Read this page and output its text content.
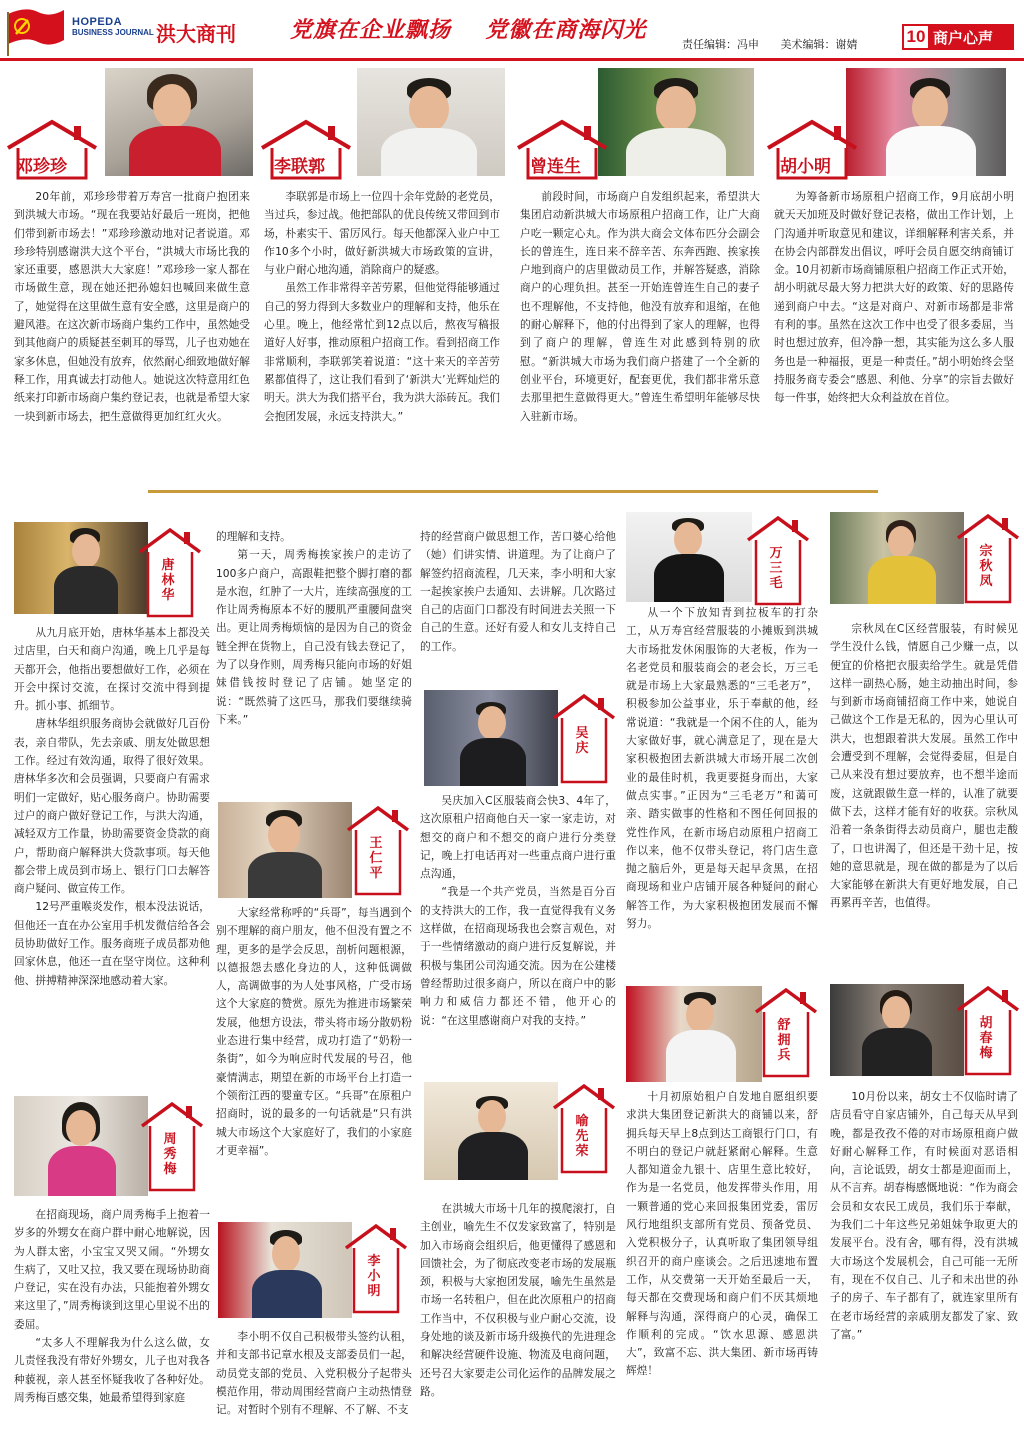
HOPEDA
BUSINESS JOURNAL 洪大商刊 党旗在企业飘扬 党徽在商海闪光
责任编辑：冯申 美术编辑：谢婧	10 商户心声
邓珍珍	李联郭	曾连生	胡小明

20年前，邓珍珍带着万寿宫一批商户抱团来到洪城大市场。“现在我要站好最后一班岗，把他们带到新市场去！”邓珍珍激动地对记者说道。邓珍珍特别感谢洪大这个平台，“洪城大市场比我的家还重要，感恩洪大大家庭！”邓珍珍一家人都在市场做生意，现在她还把孙媳妇也喊回来做生意了，她觉得在这里做生意有安全感，这里是商户的避风港。在这次新市场商户集约工作中，虽然她受到其他商户的质疑甚至刺耳的辱骂，儿子也劝她在家多休息，但她没有放弃，依然耐心细致地做好解释工作，用真诚去打动他人。她说这次特意用红色纸来打印新市场商户集约登记表，也就是希望大家一块到新市场去，把生意做得更加红红火火。

李联郭是市场上一位四十余年党龄的老党员，当过兵，参过战。他把部队的优良传统又带回到市场，朴素实干、雷厉风行。每天他都深入业户中工作10多个小时，做好新洪城大市场政策的宣讲，与业户耐心地沟通，消除商户的疑惑。

虽然工作非常得辛苦劳累，但他觉得能够通过自己的努力得到大多数业户的理解和支持，他乐在心里。晚上，他经常忙到12点以后，熬夜写稿报道好人好事，推动原租户招商工作。看到招商工作非常顺利，李联郭笑着说道：“这十来天的辛苦劳累都值得了，这让我们看到了‘新洪大’光辉灿烂的明天。洪大为我们搭平台，我为洪大添砖瓦。我们会抱团发展，永远支持洪大。”

前段时间，市场商户自发组织起来，希望洪大集团启动新洪城大市场原租户招商工作，让广大商户吃一颗定心丸。作为洪大商会文体布匹分会副会长的曾连生，连日来不辞辛苦、东奔西跑、挨家挨户地到商户的店里做动员工作，并解答疑惑，消除商户的心理负担。甚至一开始连曾连生自己的妻子也不理解他，不支持他，他没有放弃和退缩，在他的耐心解释下，他的付出得到了家人的理解，也得到了商户的理解，曾连生对此感到特别的欣慰。“新洪城大市场为我们商户搭建了一个全新的创业平台，环境更好，配套更优，我们都非常乐意去那里把生意做得更大。”曾连生希望明年能够尽快入驻新市场。

为筹备新市场原租户招商工作，9月底胡小明就天天加班及时做好登记表格，做出工作计划，上门沟通并听取意见和建议，详细解释利害关系，并在协会内部群发出倡议，呼吁会员自愿交纳商铺订金。10月初新市场商铺原租户招商工作正式开始，胡小明就尽最大努力把洪大好的政策、好的思路传递到商户中去。“这是对商户、对新市场都是非常有利的事。虽然在这次工作中也受了很多委屈，当时也想过放弃，但冷静一想，其实能为这么多人服务也是一种福报，更是一种责任。”胡小明始终会坚持服务商专委会“感恩、利他、分享”的宗旨去做好每一件事，始终把大众利益放在首位。

唐林华

从九月底开始，唐林华基本上都没关过店里，白天和商户沟通，晚上几乎是每天都开会，他指出要想做好工作，必须在开会中探讨交流，在探讨交流中得到提升。抓小事、抓细节。

唐林华组织服务商协会就做好几百份表，亲自带队，先去亲戚、朋友处做思想工作。经过有效沟通，取得了很好效果。唐林华多次和会员强调，只要商户有需求明们一定做好，贴心服务商户。协助需要过户的商户做好登记工作，与洪大沟通，减轻双方工作量，协助需要资金贷款的商户，帮助商户解释洪大贷款事项。每天他都会带上成员到市场上、银行门口去解答商户疑问、做宣传工作。

12号严重喉炎发作，根本没法说话，但他还一直在办公室用手机发微信给各会员协助做好工作。服务商班子成员都劝他回家休息，他还一直在坚守岗位。这种利他、拼搏精神深深地感动着大家。

周秀梅

在招商现场，商户周秀梅手上抱着一岁多的外甥女在商户群中耐心地解说，因为人群太密，小宝宝又哭又闹。“外甥女生病了，又吐又拉，我又要在现场协助商户登记，实在没有办法，只能抱着外甥女来这里了，”周秀梅谈到这里心里说不出的委屈。

“太多人不理解我为什么这么做，女儿责怪我没有带好外甥女，儿子也对我各种藐视，亲人甚至怀疑我收了各种好处。周秀梅百感交集，她最希望得到家庭

的理解和支持。

第一天，周秀梅挨家挨户的走访了100多户商户，高跟鞋把整个脚打磨的都是水泡，红肿了一大片，连续高强度的工作让周秀梅原本不好的腰肌严重腰间盘突出。更让周秀梅烦恼的是因为自己的资金链全押在货物上，自己没有钱去登记了，为了以身作则，周秀梅只能向市场的好姐妹借钱按时登记了店铺。她坚定的说：“既然骑了这匹马，那我们要继续骑下来。”

王仁平

大家经常称呼的“兵哥”，每当遇到个别不理解的商户朋友，他不但没有置之不理，更多的是学会反思，剖析问题根源，以德报怨去感化身边的人，这种低调做人，高调做事的为人处事风格，广受市场这个大家庭的赞赏。原先为推进市场繁荣发展，他想方设法，带头将市场分散奶粉业态进行集中经营，成功打造了“奶粉一条街”，如今为响应时代发展的号召，他豪情满志，期望在新的市场平台上打造一个领衔江西的婴童专区。“兵哥”在原租户招商时，说的最多的一句话就是“只有洪城大市场这个大家庭好了，我们的小家庭才更幸福”。

李小明

李小明不仅自己积极带头签约认租，并和支部书记章水根及支部委员们一起，动员党支部的党员、入党积极分子起带头模范作用，带动周围经营商户主动热情登记。对暂时个别有不理解、不了解、不支

持的经营商户做思想工作，苦口婆心给他（她）们讲实情、讲道理。为了让商户了解签约招商流程，几天来，李小明和大家一起挨家挨户去通知、去讲解。几次路过自己的店面门口都没有时间进去关照一下自己的生意。还好有爱人和女儿支持自己的工作。

吴庆

吴庆加入C区服装商会快3、4年了，这次原租户招商他白天一家一家走访，对想交的商户和不想交的商户进行分类登记，晚上打电话再对一些重点商户进行重点沟通，

“我是一个共产党员，当然是百分百的支持洪大的工作，我一直觉得我有义务这样做，在招商现场我也会察言观色，对于一些情绪激动的商户进行反复解说，并积极与集团公司沟通交流。因为在公建楼曾经帮助过很多商户，所以在商户中的影响力和威信力都还不错，他开心的说：“在这里感谢商户对我的支持。”

喻先荣

在洪城大市场十几年的摸爬滚打，自主创业，喻先生不仅发家致富了，特别是加入市场商会组织后，他更懂得了感恩和回馈社会，为了彻底改变老市场的发展瓶颈，积极与大家抱团发展，喻先生虽然是市场一名转租户，但在此次原租户的招商工作当中，不仅积极与业户耐心交流，设身处地的谈及新市场升级换代的先进理念和解决经营硬件设施、物流及电商问题，还号召大家要走公司化运作的品牌发展之路。

万三毛

从一个下放知青到拉板车的打杂工，从万寿宫经营服装的小摊贩到洪城大市场批发休闲服饰的大老板，作为一名老党员和服装商会的老会长，万三毛就是市场上大家最熟悉的“三毛老万”，积极参加公益事业，乐于奉献的他，经常说道：“我就是一个闲不住的人，能为大家做好事，就心满意足了，现在是大家积极抱团去新洪城大市场开展二次创业的最佳时机，我更要挺身而出，大家做点实事。”正因为“三毛老万”和蔼可亲、踏实做事的性格和不图任何回报的党性作风，在新市场启动原租户招商工作以来，他不仅带头登记，将门店生意抛之脑后外，更是每天起早贪黑，在招商现场和业户店铺开展各种疑问的耐心解答工作，为大家积极抱团发展而不懈努力。

舒拥兵

十月初原始租户自发地自愿组织要求洪大集团登记新洪大的商铺以来，舒拥兵每天早上8点到达工商银行门口，有不明白的登记户就赶紧耐心解释。生意人都知道金九银十、店里生意比较好，作为是一名党员，他发挥带头作用，用一颗普通的党心来回报集团党委，雷厉风行地组织支部所有党员、预备党员、入党积极分子，认真听取了集团领导组织召开的商户座谈会。之后迅速地布置工作，从交费第一天开始至最后一天，每天都在交费现场和商户们不厌其烦地解释与沟通，深得商户的心灵，确保工作顺利的完成。“饮水思源、感恩洪大”，致富不忘、洪大集团、新市场再铸辉煌！

宗秋凤

宗秋凤在C区经营服装，有时候见学生没什么钱，情愿自己少赚一点，以便宜的价格把衣服卖给学生。就是凭借这样一副热心肠，她主动抽出时间，参与到新市场商铺招商工作中来，她说自己做这个工作是无私的，因为心里认可洪大，也想跟着洪大发展。虽然工作中会遭受到不理解，会觉得委屈，但是自己从来没有想过要放弃，也不想半途而废，这就跟做生意一样的，认准了就要做下去，这样才能有好的收获。宗秋凤沿着一条条街得去动员商户，腿也走酸了，口也讲渴了，但还是干劲十足，按她的意思就是，现在做的都是为了以后大家能够在新洪大有更好地发展，自己再累再辛苦，也值得。

胡春梅

10月份以来，胡女士不仅临时请了店员看守自家店铺外，自己每天从早到晚，都是孜孜不倦的对市场原租商户做好耐心解释工作，有时候面对恶语相向，言论诋毁，胡女士都是迎面而上，从不言弃。胡春梅感慨地说：“作为商会会员和女农民工成员，我们乐于奉献，为我们二十年这些兄弟姐妹争取更大的发展平台。没有舍，哪有得，没有洪城大市场这个发展机会，自己可能一无所有，现在不仅自己、儿子和未出世的孙子的房子、车子都有了，就连家里所有在老市场经营的亲戚朋友都发了家、致了富。”
